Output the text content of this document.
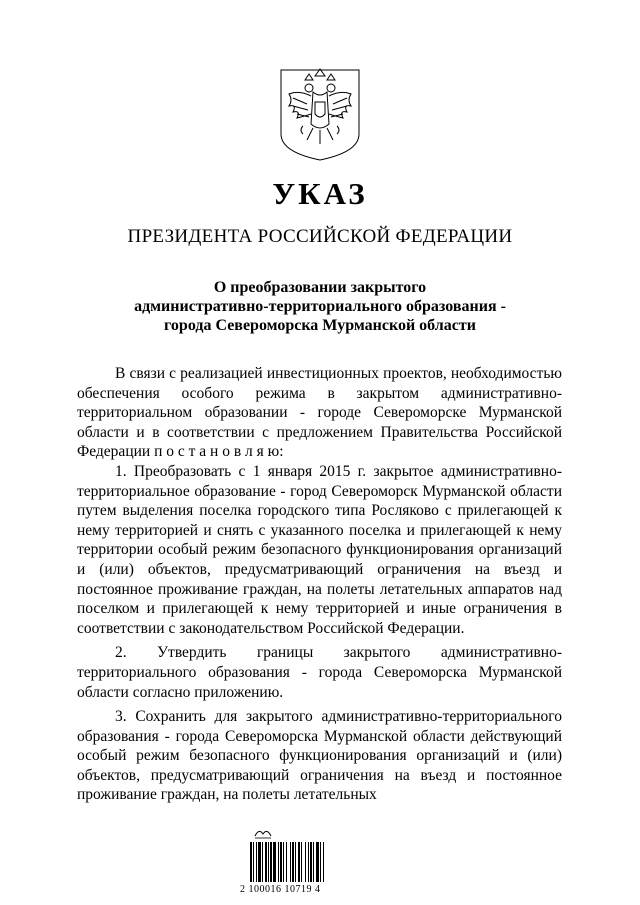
УКАЗ
ПРЕЗИДЕНТА РОССИЙСКОЙ ФЕДЕРАЦИИ
О преобразовании закрытого
административно-территориального образования -
города Североморска Мурманской области

В связи с реализацией инвестиционных проектов, необходимостью обеспечения особого режима в закрытом административно-территориальном образовании - городе Североморске Мурманской области и в соответствии с предложением Правительства Российской Федерации п о с т а н о в л я ю:

1. Преобразовать с 1 января 2015 г. закрытое административно-территориальное образование - город Североморск Мурманской области путем выделения поселка городского типа Росляково с прилегающей к нему территорией и снять с указанного поселка и прилегающей к нему территории особый режим безопасного функционирования организаций и (или) объектов, предусматривающий ограничения на въезд и постоянное проживание граждан, на полеты летательных аппаратов над поселком и прилегающей к нему территорией и иные ограничения в соответствии с законодательством Российской Федерации.

2. Утвердить границы закрытого административно-территориального образования - города Североморска Мурманской области согласно приложению.

3. Сохранить для закрытого административно-территориального образования - города Североморска Мурманской области действующий особый режим безопасного функционирования организаций и (или) объектов, предусматривающий ограничения на въезд и постоянное проживание граждан, на полеты летательных

2 100016 10719 4
